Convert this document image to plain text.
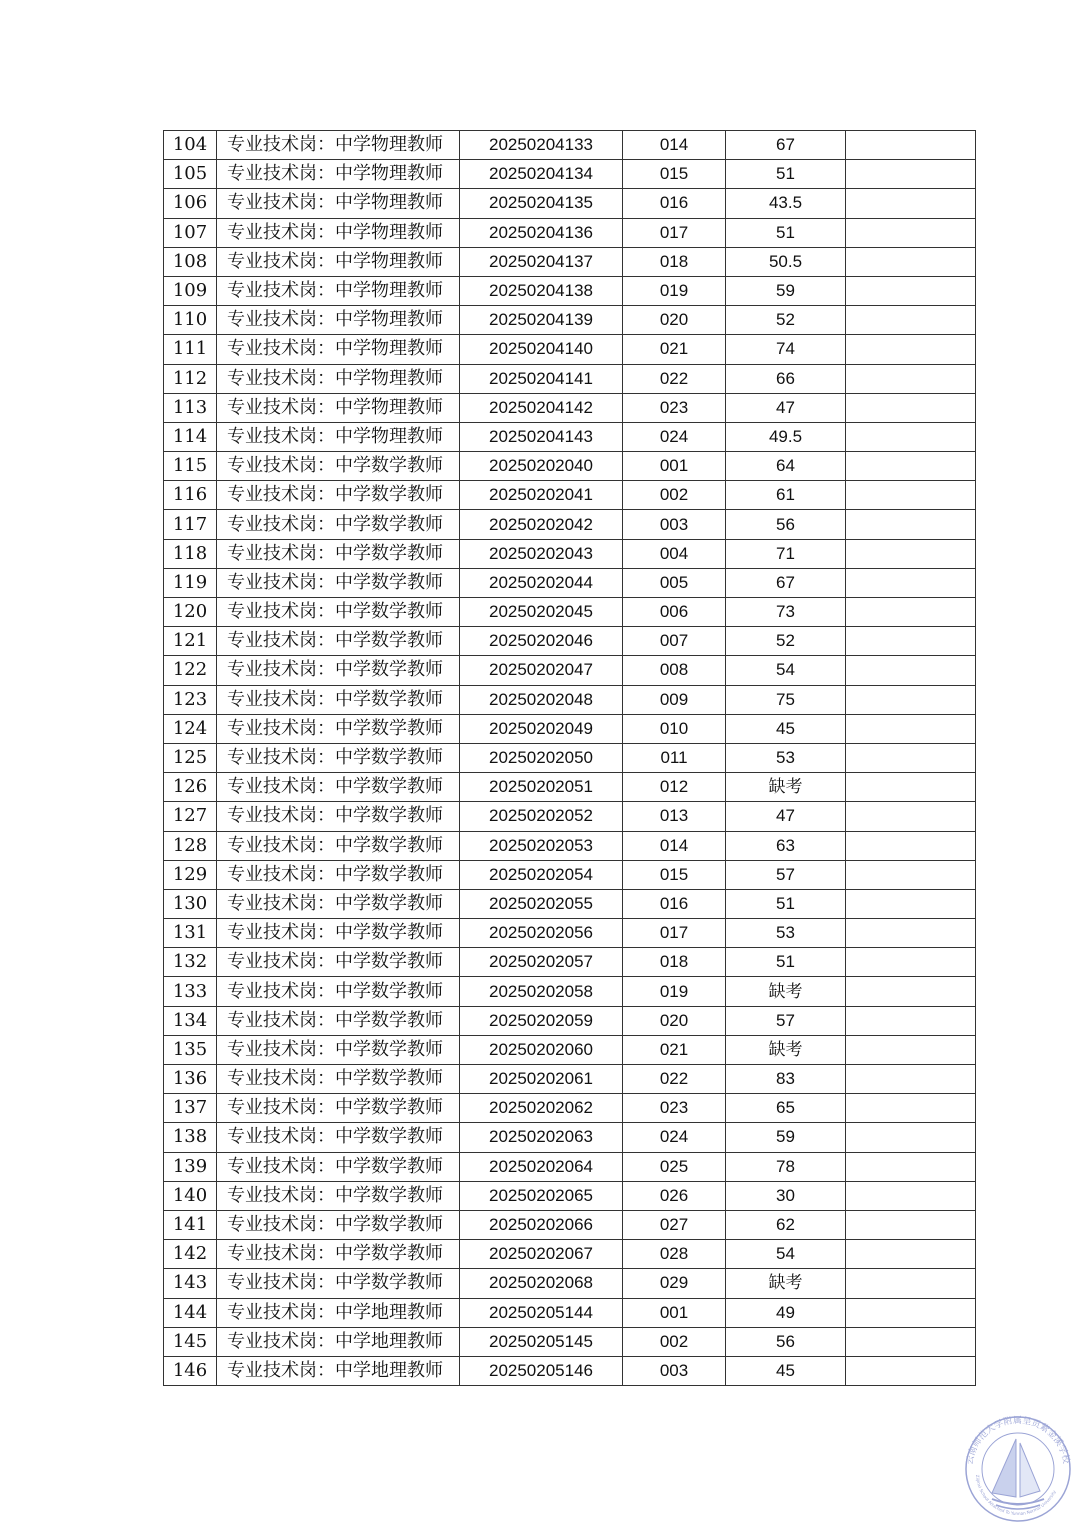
104	专业技术岗：中学物理教师	20250204133	014	67	
105	专业技术岗：中学物理教师	20250204134	015	51	
106	专业技术岗：中学物理教师	20250204135	016	43.5	
107	专业技术岗：中学物理教师	20250204136	017	51	
108	专业技术岗：中学物理教师	20250204137	018	50.5	
109	专业技术岗：中学物理教师	20250204138	019	59	
110	专业技术岗：中学物理教师	20250204139	020	52	
111	专业技术岗：中学物理教师	20250204140	021	74	
112	专业技术岗：中学物理教师	20250204141	022	66	
113	专业技术岗：中学物理教师	20250204142	023	47	
114	专业技术岗：中学物理教师	20250204143	024	49.5	
115	专业技术岗：中学数学教师	20250202040	001	64	
116	专业技术岗：中学数学教师	20250202041	002	61	
117	专业技术岗：中学数学教师	20250202042	003	56	
118	专业技术岗：中学数学教师	20250202043	004	71	
119	专业技术岗：中学数学教师	20250202044	005	67	
120	专业技术岗：中学数学教师	20250202045	006	73	
121	专业技术岗：中学数学教师	20250202046	007	52	
122	专业技术岗：中学数学教师	20250202047	008	54	
123	专业技术岗：中学数学教师	20250202048	009	75	
124	专业技术岗：中学数学教师	20250202049	010	45	
125	专业技术岗：中学数学教师	20250202050	011	53	
126	专业技术岗：中学数学教师	20250202051	012	缺考	
127	专业技术岗：中学数学教师	20250202052	013	47	
128	专业技术岗：中学数学教师	20250202053	014	63	
129	专业技术岗：中学数学教师	20250202054	015	57	
130	专业技术岗：中学数学教师	20250202055	016	51	
131	专业技术岗：中学数学教师	20250202056	017	53	
132	专业技术岗：中学数学教师	20250202057	018	51	
133	专业技术岗：中学数学教师	20250202058	019	缺考	
134	专业技术岗：中学数学教师	20250202059	020	57	
135	专业技术岗：中学数学教师	20250202060	021	缺考	
136	专业技术岗：中学数学教师	20250202061	022	83	
137	专业技术岗：中学数学教师	20250202062	023	65	
138	专业技术岗：中学数学教师	20250202063	024	59	
139	专业技术岗：中学数学教师	20250202064	025	78	
140	专业技术岗：中学数学教师	20250202065	026	30	
141	专业技术岗：中学数学教师	20250202066	027	62	
142	专业技术岗：中学数学教师	20250202067	028	54	
143	专业技术岗：中学数学教师	20250202068	029	缺考	
144	专业技术岗：中学地理教师	20250205144	001	49	
145	专业技术岗：中学地理教师	20250205145	002	56	
146	专业技术岗：中学地理教师	20250205146	003	45	
云南师范大学附属呈贡紫金溪学校
Ziijinxi School Attached To Yunnan Normal University
